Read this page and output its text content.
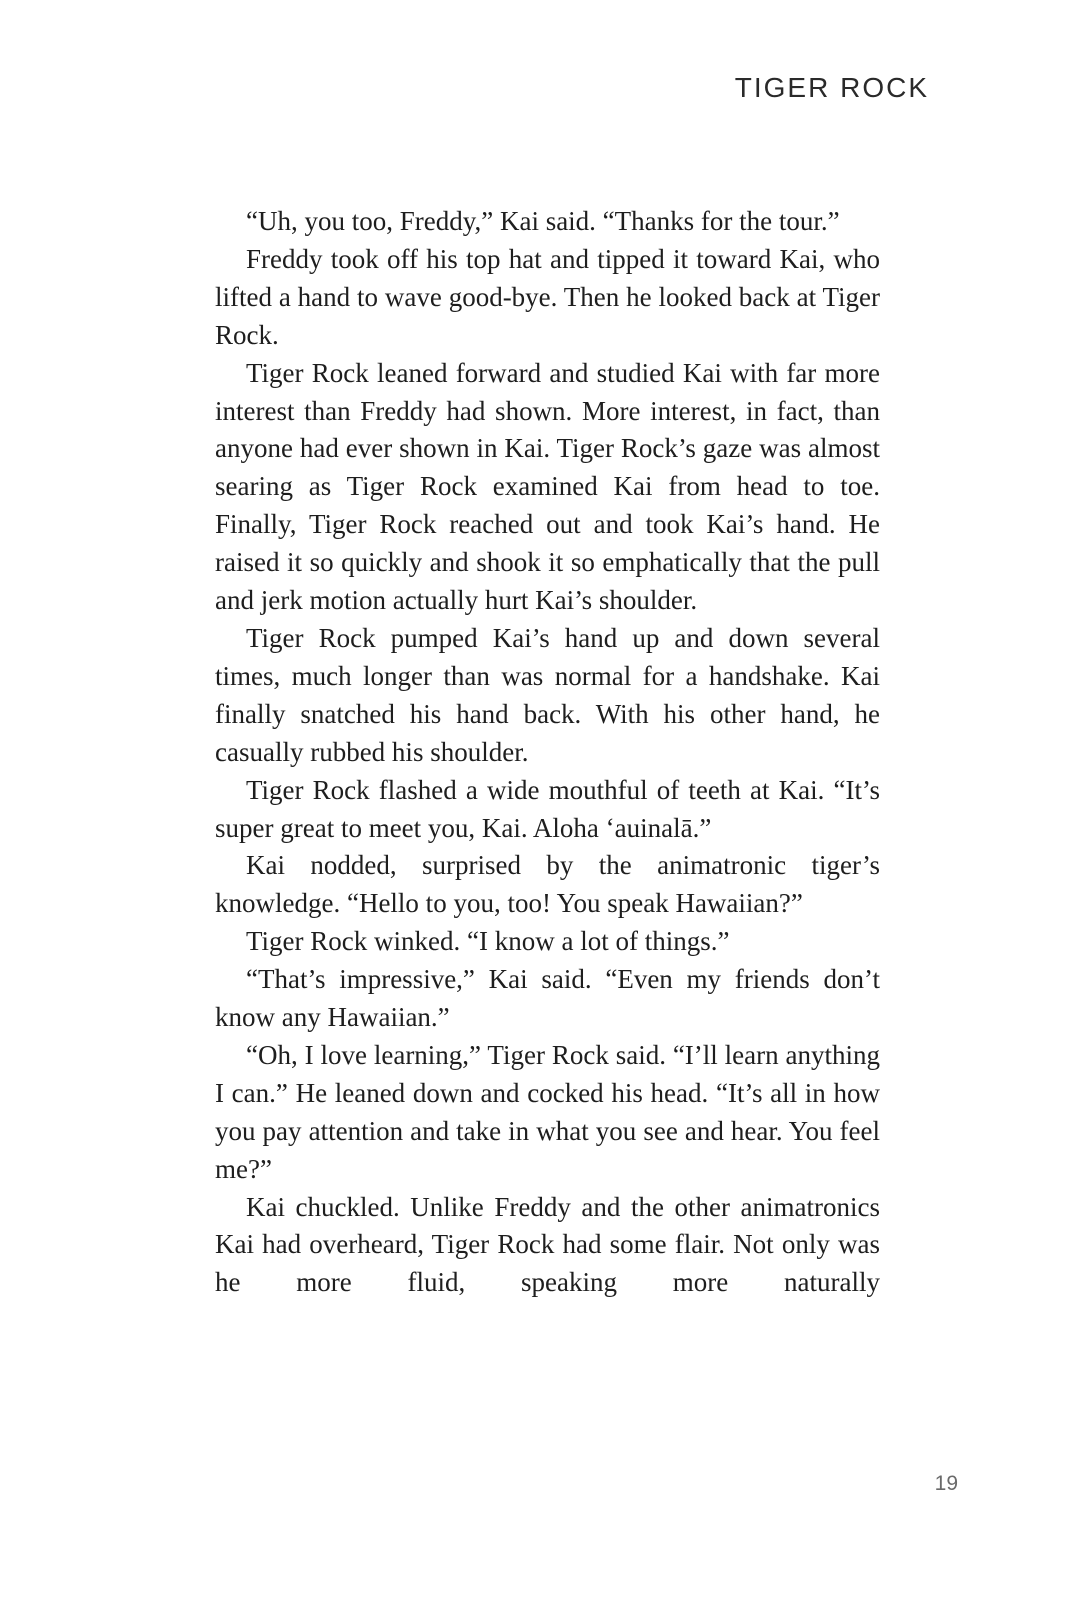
TIGER ROCK

“Uh, you too, Freddy,” Kai said. “Thanks for the tour.”

Freddy took off his top hat and tipped it toward Kai, who lifted a hand to wave good-bye. Then he looked back at Tiger Rock.

Tiger Rock leaned forward and studied Kai with far more interest than Freddy had shown. More interest, in fact, than anyone had ever shown in Kai. Tiger Rock’s gaze was almost searing as Tiger Rock examined Kai from head to toe. Finally, Tiger Rock reached out and took Kai’s hand. He raised it so quickly and shook it so emphatically that the pull and jerk motion actually hurt Kai’s shoulder.

Tiger Rock pumped Kai’s hand up and down several times, much longer than was normal for a handshake. Kai finally snatched his hand back. With his other hand, he casually rubbed his shoulder.

Tiger Rock flashed a wide mouthful of teeth at Kai. “It’s super great to meet you, Kai. Aloha ‘auinalā.”

Kai nodded, surprised by the animatronic tiger’s knowledge. “Hello to you, too! You speak Hawaiian?”

Tiger Rock winked. “I know a lot of things.”

“That’s impressive,” Kai said. “Even my friends don’t know any Hawaiian.”

“Oh, I love learning,” Tiger Rock said. “I’ll learn anything I can.” He leaned down and cocked his head. “It’s all in how you pay attention and take in what you see and hear. You feel me?”

Kai chuckled. Unlike Freddy and the other animatronics Kai had overheard, Tiger Rock had some flair. Not only was he more fluid, speaking more naturally

19
